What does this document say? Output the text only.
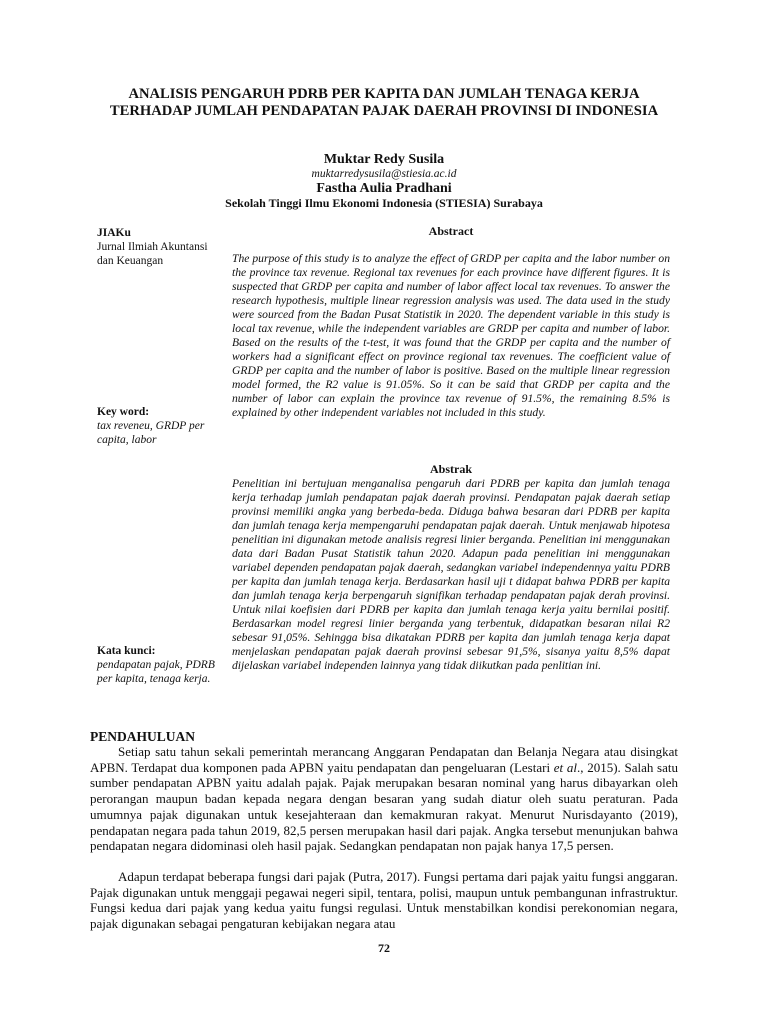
ANALISIS PENGARUH PDRB PER KAPITA DAN JUMLAH TENAGA KERJA TERHADAP JUMLAH PENDAPATAN PAJAK DAERAH PROVINSI DI INDONESIA
Muktar Redy Susila
muktarredysusila@stiesia.ac.id
Fastha Aulia Pradhani
Sekolah Tinggi Ilmu Ekonomi Indonesia (STIESIA) Surabaya
JIAKu
Jurnal Ilmiah Akuntansi dan Keuangan
Key word:
tax reveneu, GRDP per capita, labor
Kata kunci:
pendapatan pajak, PDRB per kapita, tenaga kerja.
Abstract
The purpose of this study is to analyze the effect of GRDP per capita and the labor number on the province tax revenue. Regional tax revenues for each province have different figures. It is suspected that GRDP per capita and number of labor affect local tax revenues. To answer the research hypothesis, multiple linear regression analysis was used. The data used in the study were sourced from the Badan Pusat Statistik in 2020. The dependent variable in this study is local tax revenue, while the independent variables are GRDP per capita and number of labor. Based on the results of the t-test, it was found that the GRDP per capita and the number of workers had a significant effect on province regional tax revenues. The coefficient value of GRDP per capita and the number of labor is positive. Based on the multiple linear regression model formed, the R2 value is 91.05%. So it can be said that GRDP per capita and the number of labor can explain the province tax revenue of 91.5%, the remaining 8.5% is explained by other independent variables not included in this study.
Abstrak
Penelitian ini bertujuan menganalisa pengaruh dari PDRB per kapita dan jumlah tenaga kerja terhadap jumlah pendapatan pajak daerah provinsi. Pendapatan pajak daerah setiap provinsi memiliki angka yang berbeda-beda. Diduga bahwa besaran dari PDRB per kapita dan jumlah tenaga kerja mempengaruhi pendapatan pajak daerah. Untuk menjawab hipotesa penelitian ini digunakan metode analisis regresi linier berganda. Penelitian ini menggunakan data dari Badan Pusat Statistik tahun 2020. Adapun pada penelitian ini menggunakan variabel dependen pendapatan pajak daerah, sedangkan variabel independennya yaitu PDRB per kapita dan jumlah tenaga kerja. Berdasarkan hasil uji t didapat bahwa PDRB per kapita dan jumlah tenaga kerja berpengaruh signifikan terhadap pendapatan pajak derah provinsi. Untuk nilai koefisien dari PDRB per kapita dan jumlah tenaga kerja yaitu bernilai positif. Berdasarkan model regresi linier berganda yang terbentuk, didapatkan besaran nilai R2 sebesar 91,05%. Sehingga bisa dikatakan PDRB per kapita dan jumlah tenaga kerja dapat menjelaskan pendapatan pajak daerah provinsi sebesar 91,5%, sisanya yaitu 8,5% dapat dijelaskan variabel independen lainnya yang tidak diikutkan pada penlitian ini.
PENDAHULUAN
Setiap satu tahun sekali pemerintah merancang Anggaran Pendapatan dan Belanja Negara atau disingkat APBN. Terdapat dua komponen pada APBN yaitu pendapatan dan pengeluaran (Lestari et al., 2015). Salah satu sumber pendapatan APBN yaitu adalah pajak. Pajak merupakan besaran nominal yang harus dibayarkan oleh perorangan maupun badan kepada negara dengan besaran yang sudah diatur oleh suatu peraturan. Pada umumnya pajak digunakan untuk kesejahteraan dan kemakmuran rakyat. Menurut Nurisdayanto (2019), pendapatan negara pada tahun 2019, 82,5 persen merupakan hasil dari pajak. Angka tersebut menunjukan bahwa pendapatan negara didominasi oleh hasil pajak. Sedangkan pendapatan non pajak hanya 17,5 persen.
Adapun terdapat beberapa fungsi dari pajak (Putra, 2017). Fungsi pertama dari pajak yaitu fungsi anggaran. Pajak digunakan untuk menggaji pegawai negeri sipil, tentara, polisi, maupun untuk pembangunan infrastruktur. Fungsi kedua dari pajak yang kedua yaitu fungsi regulasi. Untuk menstabilkan kondisi perekonomian negara, pajak digunakan sebagai pengaturan kebijakan negara atau
72
